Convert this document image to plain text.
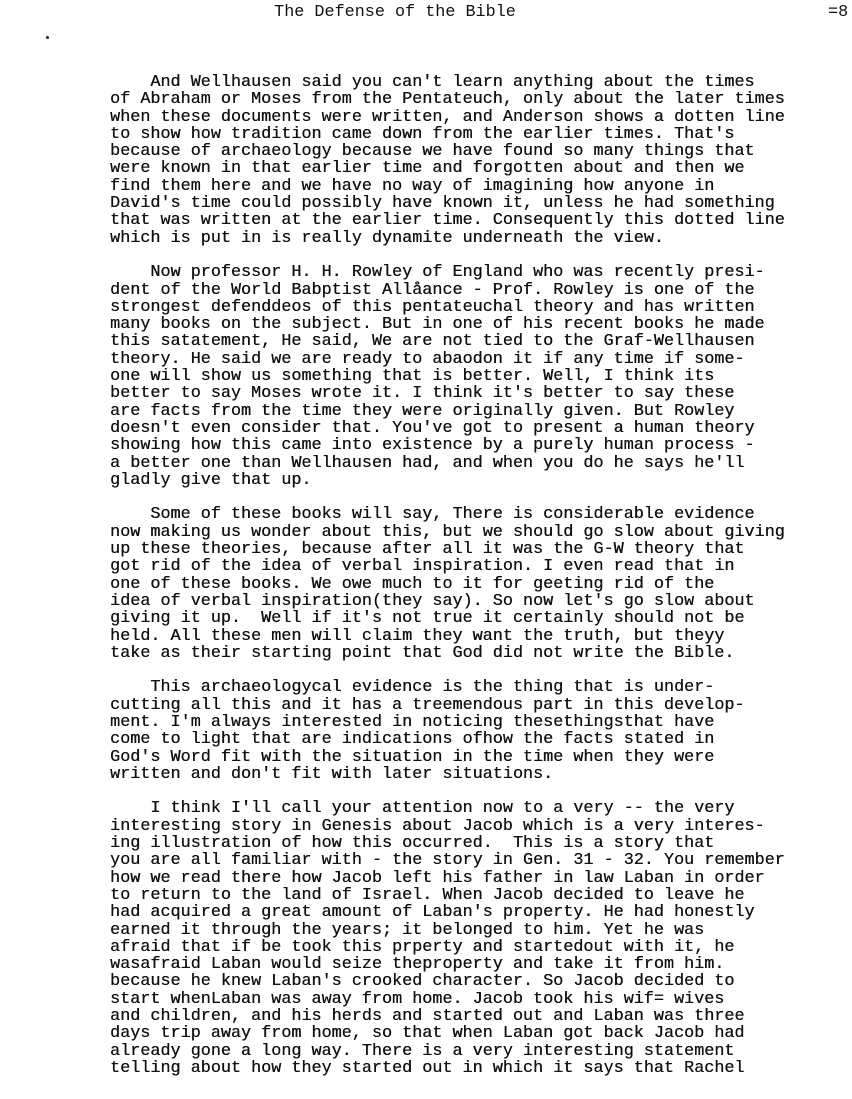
The Defense of the Bible	=8
And Wellhausen said you can't learn anything about the times
of Abraham or Moses from the Pentateuch, only about the later times
when these documents were written, and Anderson shows a dotten line
to show how tradition came down from the earlier times. That's
because of archaeology because we have found so many things that
were known in that earlier time and forgotten about and then we
find them here and we have no way of imagining how anyone in
David's time could possibly have known it, unless he had something
that was written at the earlier time. Consequently this dotted line
which is put in is really dynamite underneath the view.
Now professor H. H. Rowley of England who was recently presi-
dent of the World Babptist Allåance - Prof. Rowley is one of the
strongest defenddeos of this pentateuchal theory and has written
many books on the subject. But in one of his recent books he made
this satatement, He said, We are not tied to the Graf-Wellhausen
theory. He said we are ready to abaodon it if any time if some-
one will show us something that is better. Well, I think its
better to say Moses wrote it. I think it's better to say these
are facts from the time they were originally given. But Rowley
doesn't even consider that. You've got to present a human theory
showing how this came into existence by a purely human process -
a better one than Wellhausen had, and when you do he says he'll
gladly give that up.
Some of these books will say, There is considerable evidence
now making us wonder about this, but we should go slow about giving
up these theories, because after all it was the G-W theory that
got rid of the idea of verbal inspiration. I even read that in
one of these books. We owe much to it for geeting rid of the
idea of verbal inspiration(they say). So now let's go slow about
giving it up.  Well if it's not true it certainly should not be
held. All these men will claim they want the truth, but theyy
take as their starting point that God did not write the Bible.
This archaeologycal evidence is the thing that is under-
cutting all this and it has a treemendous part in this develop-
ment. I'm always interested in noticing thesethingsthat have
come to light that are indications ofhow the facts stated in
God's Word fit with the situation in the time when they were
written and don't fit with later situations.
I think I'll call your attention now to a very -- the very
interesting story in Genesis about Jacob which is a very interes-
ing illustration of how this occurred.  This is a story that
you are all familiar with - the story in Gen. 31 - 32. You remember
how we read there how Jacob left his father in law Laban in order
to return to the land of Israel. When Jacob decided to leave he
had acquired a great amount of Laban's property. He had honestly
earned it through the years; it belonged to him. Yet he was
afraid that if be took this prperty and startedout with it, he
wasafraid Laban would seize theproperty and take it from him.
because he knew Laban's crooked character. So Jacob decided to
start whenLaban was away from home. Jacob took his wif= wives
and children, and his herds and started out and Laban was three
days trip away from home, so that when Laban got back Jacob had
already gone a long way. There is a very interesting statement
telling about how they started out in which it says that Rachel
